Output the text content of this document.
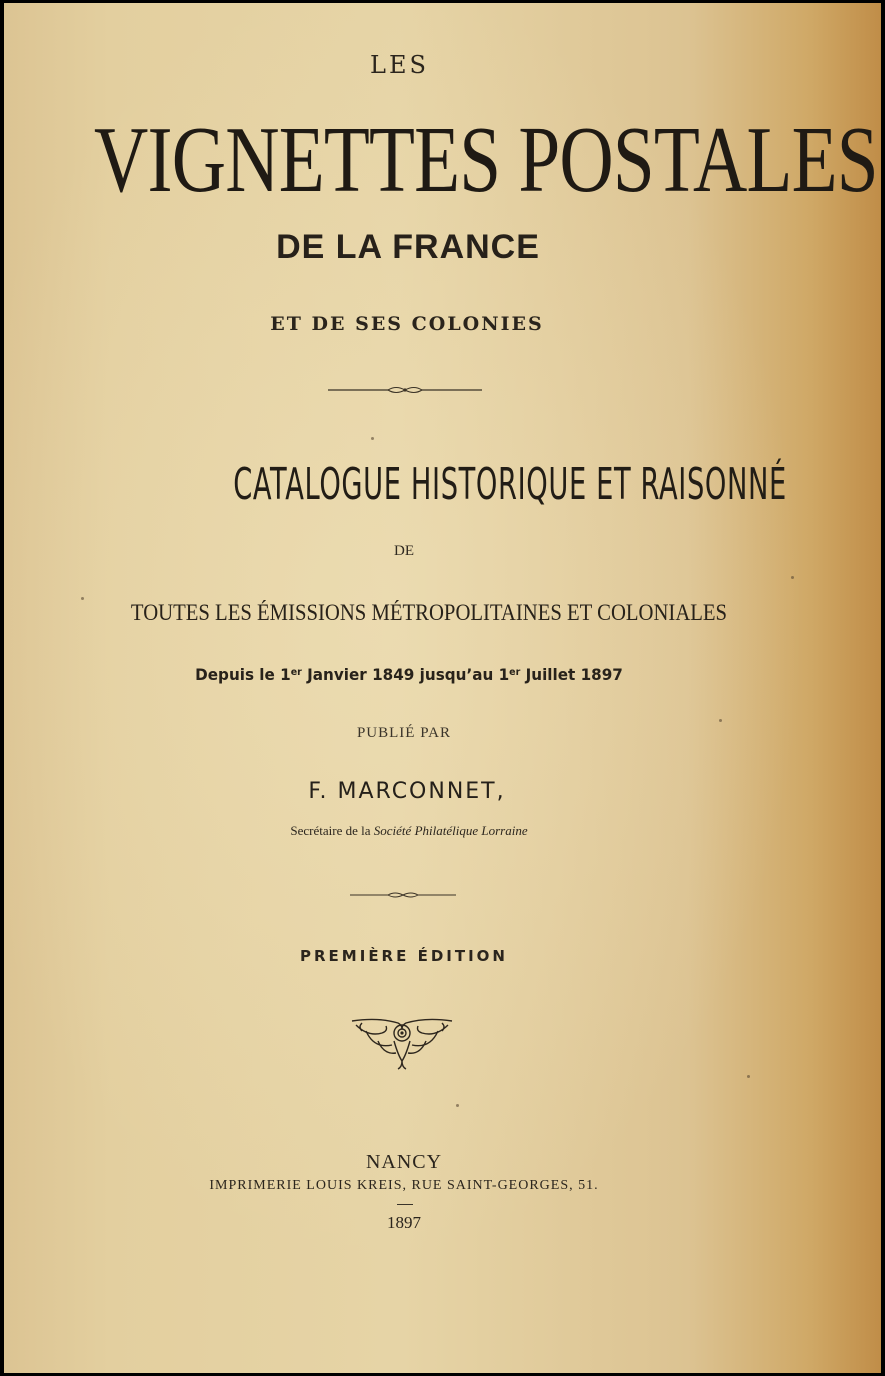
LES
VIGNETTES POSTALES
DE LA FRANCE
ET DE SES COLONIES
CATALOGUE HISTORIQUE ET RAISONNÉ
DE
TOUTES LES ÉMISSIONS MÉTROPOLITAINES ET COLONIALES
Depuis le 1er Janvier 1849 jusqu’au 1er Juillet 1897
PUBLIÉ PAR
F. MARCONNET,
Secrétaire de la Société Philatélique Lorraine
PREMIÈRE ÉDITION
NANCY
IMPRIMERIE LOUIS KREIS, RUE SAINT-GEORGES, 51.
1897
